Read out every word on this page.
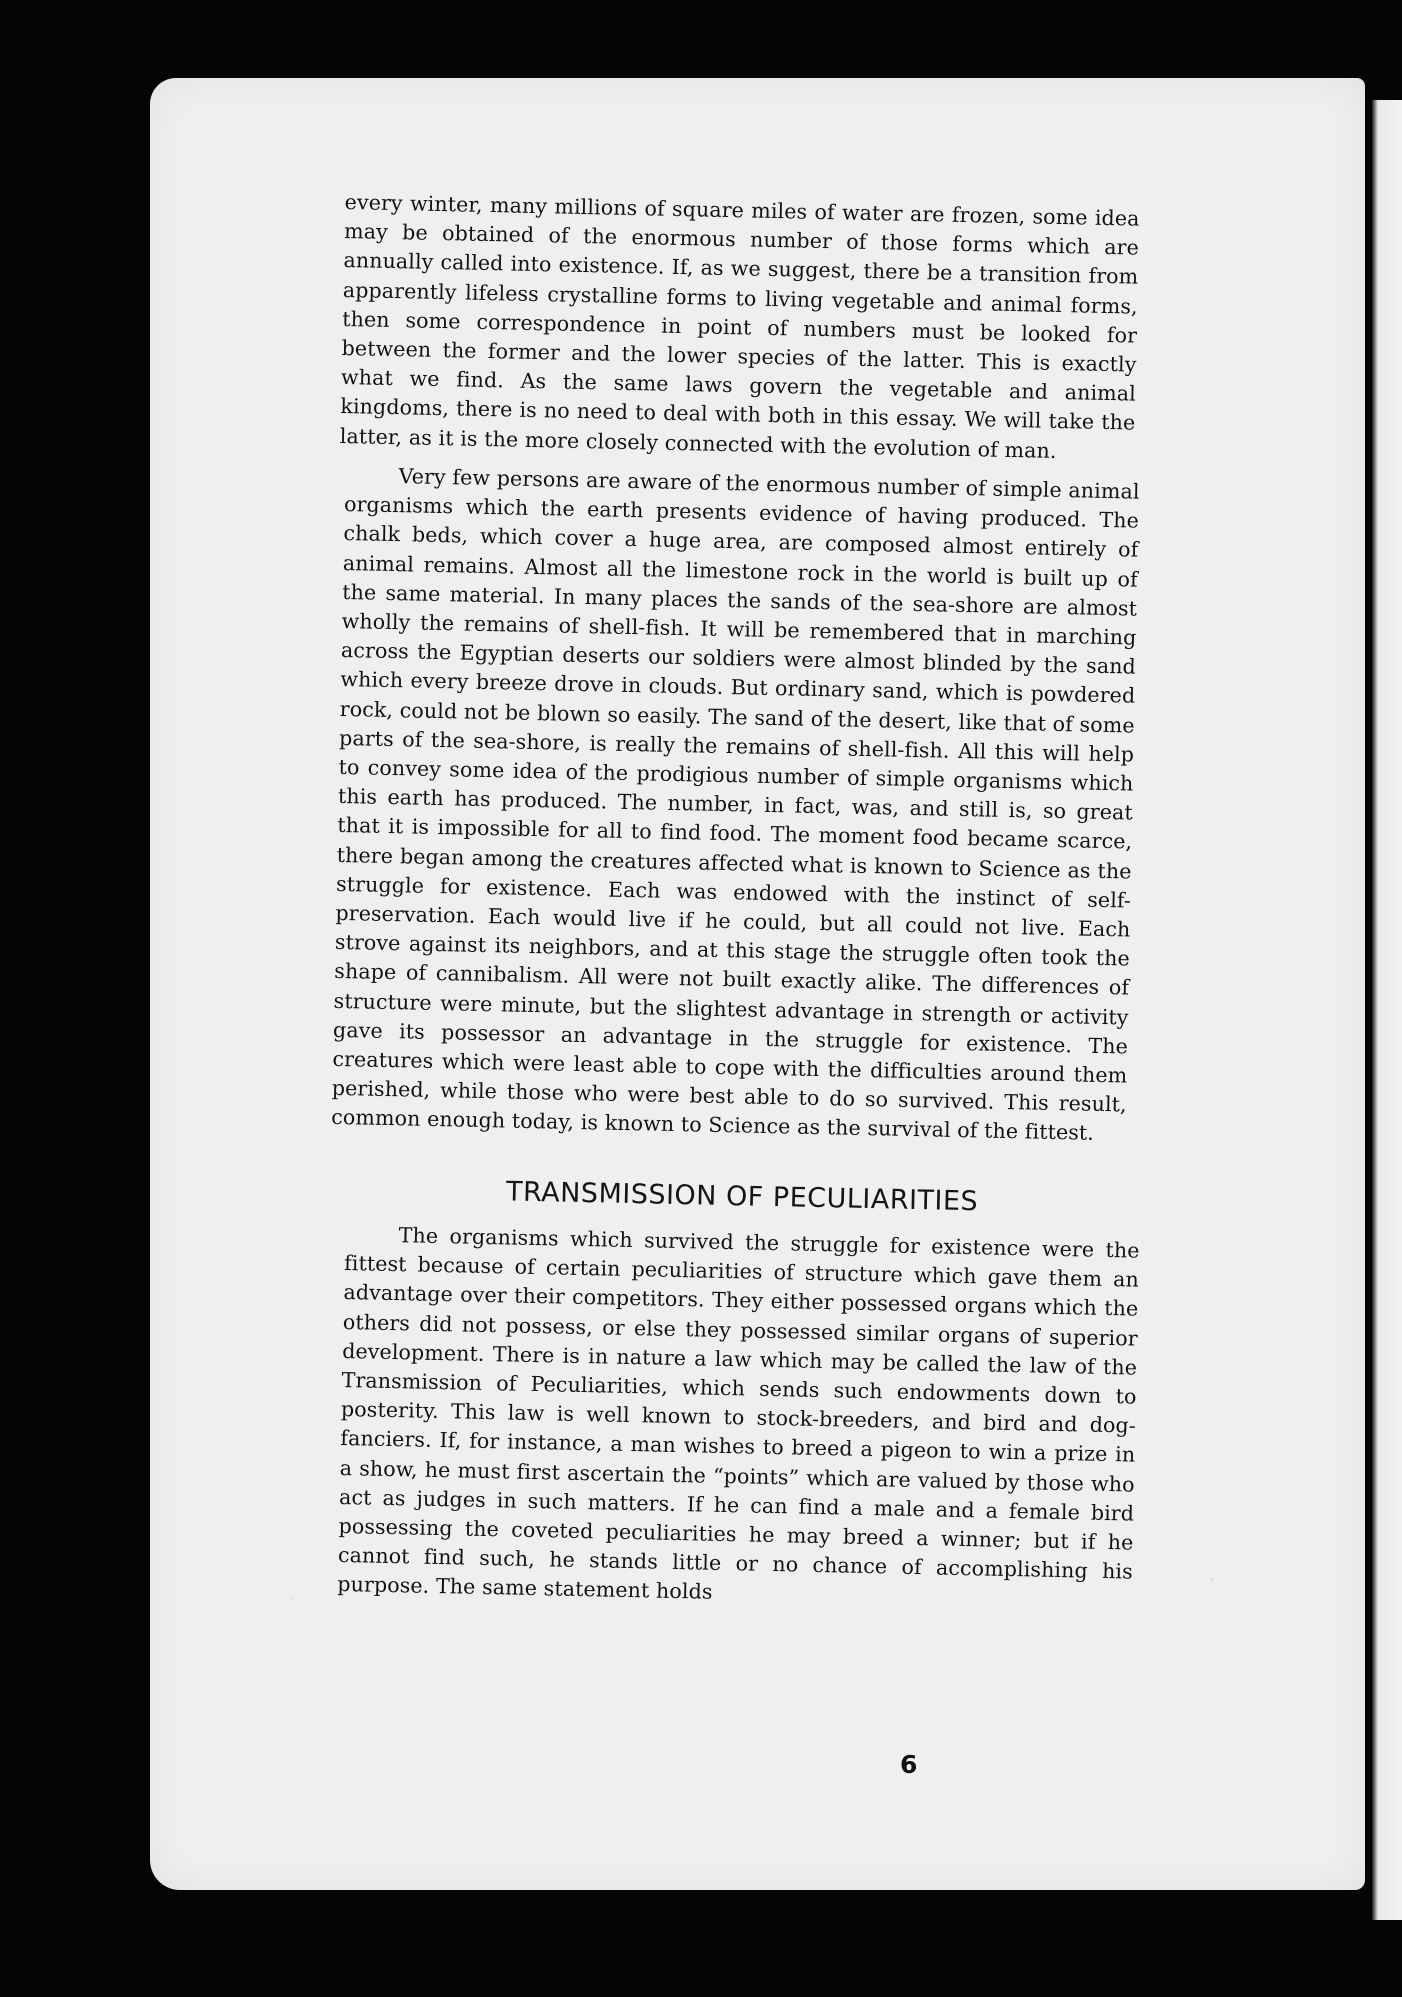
every winter, many millions of square miles of water are frozen, some idea may be obtained of the enormous number of those forms which are annually called into existence. If, as we suggest, there be a transition from apparently lifeless crystalline forms to living vegetable and animal forms, then some correspondence in point of numbers must be looked for between the former and the lower species of the latter. This is exactly what we find. As the same laws govern the vegetable and animal kingdoms, there is no need to deal with both in this essay. We will take the latter, as it is the more closely connected with the evolution of man.

Very few persons are aware of the enormous number of simple animal organisms which the earth presents evidence of having produced. The chalk beds, which cover a huge area, are composed almost entirely of animal remains. Almost all the limestone rock in the world is built up of the same material. In many places the sands of the sea-shore are almost wholly the remains of shell-fish. It will be remembered that in marching across the Egyptian deserts our soldiers were almost blinded by the sand which every breeze drove in clouds. But ordinary sand, which is powdered rock, could not be blown so easily. The sand of the desert, like that of some parts of the sea-shore, is really the remains of shell-fish. All this will help to convey some idea of the prodigious number of simple organisms which this earth has produced. The number, in fact, was, and still is, so great that it is impossible for all to find food. The moment food became scarce, there began among the creatures affected what is known to Science as the struggle for existence. Each was endowed with the instinct of self-preservation. Each would live if he could, but all could not live. Each strove against its neighbors, and at this stage the struggle often took the shape of cannibalism. All were not built exactly alike. The differences of structure were minute, but the slightest advantage in strength or activity gave its possessor an advantage in the struggle for existence. The creatures which were least able to cope with the difficulties around them perished, while those who were best able to do so survived. This result, common enough today, is known to Science as the survival of the fittest.

TRANSMISSION OF PECULIARITIES

The organisms which survived the struggle for existence were the fittest because of certain peculiarities of structure which gave them an advantage over their competitors. They either possessed organs which the others did not possess, or else they possessed similar organs of superior development. There is in nature a law which may be called the law of the Transmission of Peculiarities, which sends such endowments down to posterity. This law is well known to stock-breeders, and bird and dog-fanciers. If, for instance, a man wishes to breed a pigeon to win a prize in a show, he must first ascertain the “points” which are valued by those who act as judges in such matters. If he can find a male and a female bird possessing the coveted peculiarities he may breed a winner; but if he cannot find such, he stands little or no chance of accomplishing his purpose. The same statement holds

6
